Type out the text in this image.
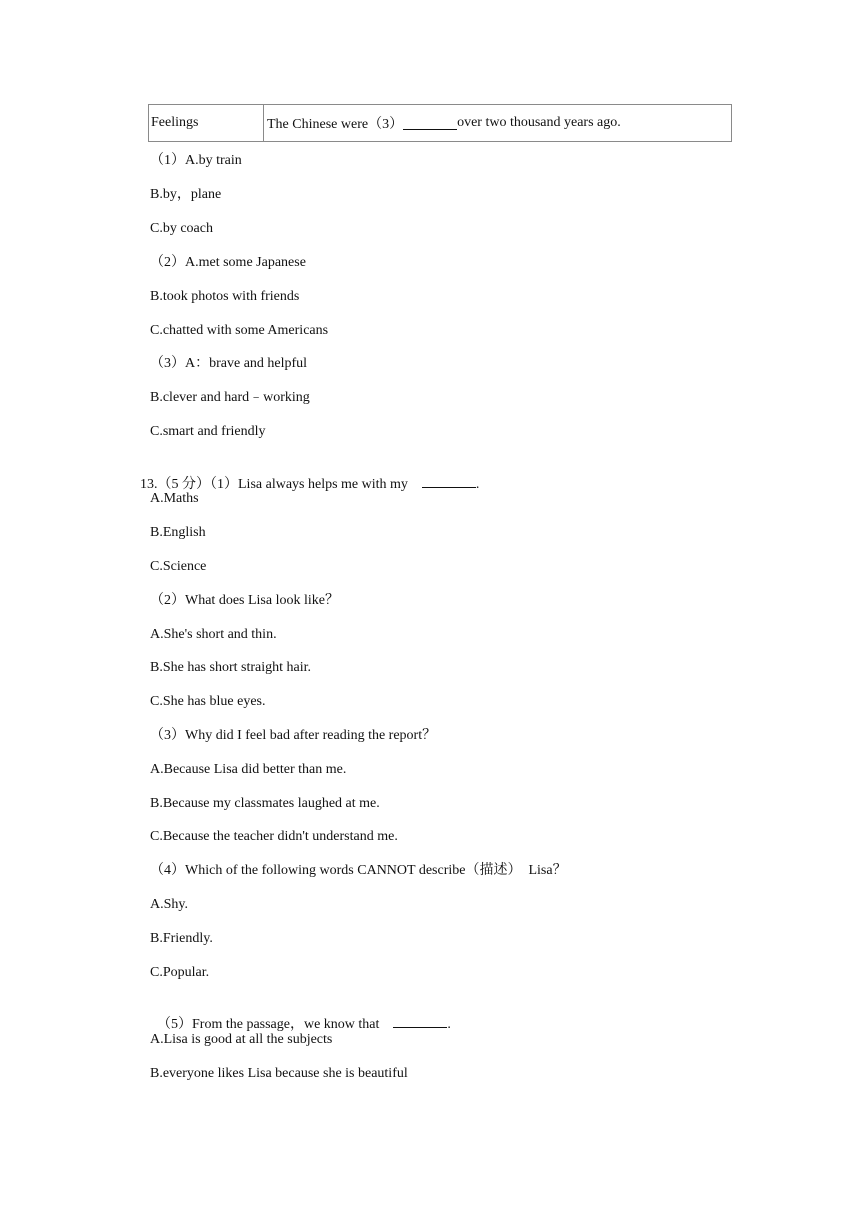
Feelings	The Chinese were（3）	over two thousand years ago.
（1）A.by train
B.by，plane
C.by coach
（2）A.met some Japanese
B.took photos with friends
C.chatted with some Americans
（3）A：brave and helpful
B.clever and hard﹣working
C.smart and friendly

13.（5 分）（1）Lisa always helps me with my	.

A.Maths
B.English
C.Science
（2）What does Lisa look like？
A.She's short and thin.
B.She has short straight hair.
C.She has blue eyes.
（3）Why did I feel bad after reading the report？
A.Because Lisa did better than me.
B.Because my classmates laughed at me.
C.Because the teacher didn't understand me.
（4）Which of the following words CANNOT describe（描述）  Lisa？
A.Shy.
B.Friendly.
C.Popular.

（5）From the passage，we know that	.

A.Lisa is good at all the subjects
B.everyone likes Lisa because she is beautiful
